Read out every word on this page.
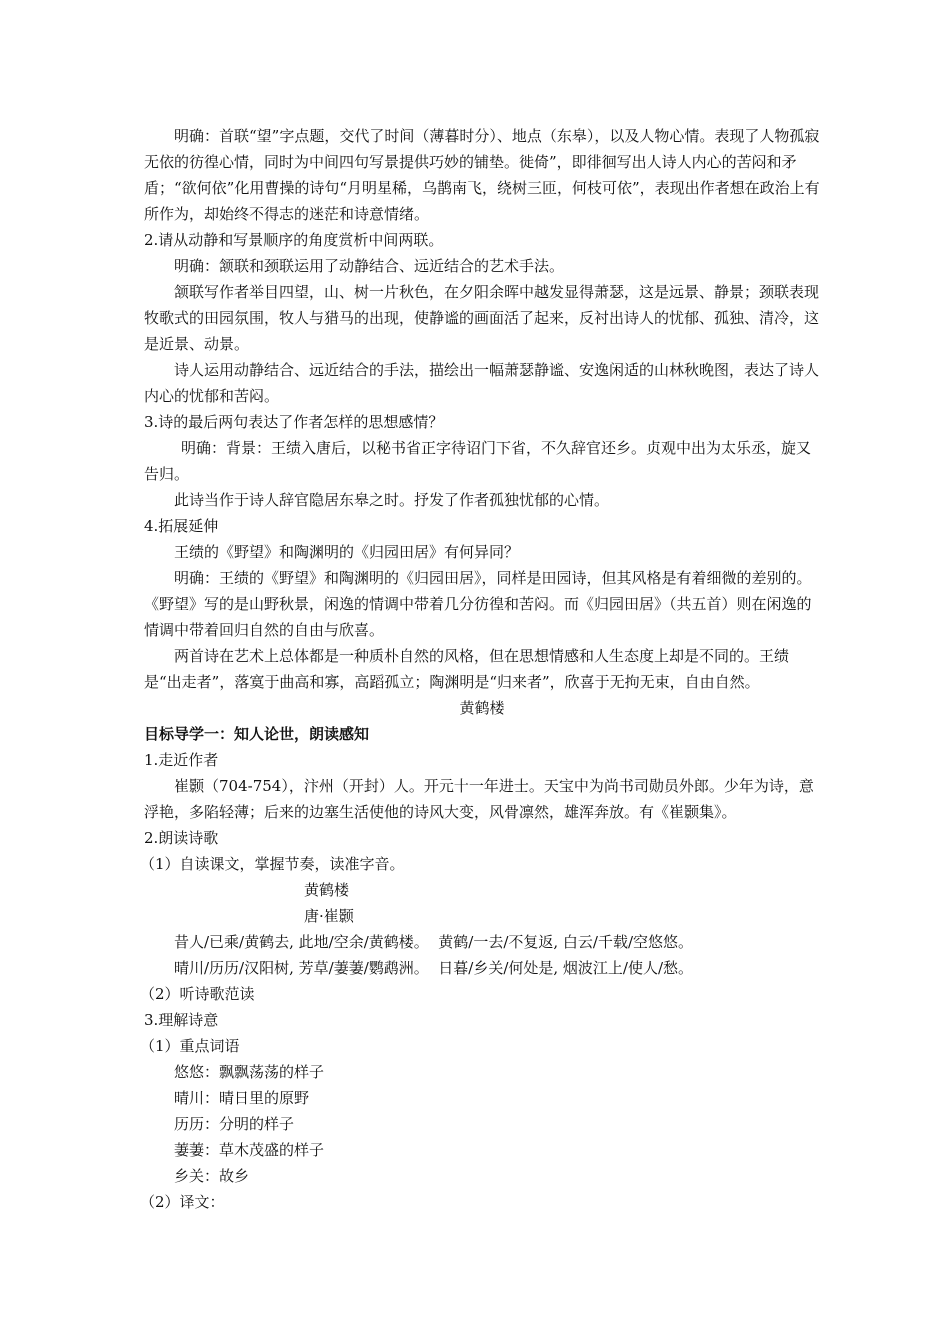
明确：首联“望”字点题，交代了时间（薄暮时分）、地点（东皋），以及人物心情。表现了人物孤寂无依的彷徨心情，同时为中间四句写景提供巧妙的铺垫。徙倚”，即徘徊写出人诗人内心的苦闷和矛盾；“欲何依”化用曹操的诗句“月明星稀，乌鹊南飞，绕树三匝，何枝可依”，表现出作者想在政治上有所作为，却始终不得志的迷茫和诗意情绪。

2.请从动静和写景顺序的角度赏析中间两联。

明确：颔联和颈联运用了动静结合、远近结合的艺术手法。

颔联写作者举目四望，山、树一片秋色，在夕阳余晖中越发显得萧瑟，这是远景、静景；颈联表现牧歌式的田园氛围，牧人与猎马的出现，使静谧的画面活了起来，反衬出诗人的忧郁、孤独、清冷，这是近景、动景。

诗人运用动静结合、远近结合的手法，描绘出一幅萧瑟静谧、安逸闲适的山林秋晚图，表达了诗人内心的忧郁和苦闷。

3.诗的最后两句表达了作者怎样的思想感情？

明确：背景：王绩入唐后，以秘书省正字待诏门下省，不久辞官还乡。贞观中出为太乐丞，旋又告归。

此诗当作于诗人辞官隐居东皋之时。抒发了作者孤独忧郁的心情。

4.拓展延伸

王绩的《野望》和陶渊明的《归园田居》有何异同？

明确：王绩的《野望》和陶渊明的《归园田居》，同样是田园诗，但其风格是有着细微的差别的。《野望》写的是山野秋景，闲逸的情调中带着几分彷徨和苦闷。而《归园田居》（共五首）则在闲逸的情调中带着回归自然的自由与欣喜。

两首诗在艺术上总体都是一种质朴自然的风格，但在思想情感和人生态度上却是不同的。王绩是“出走者”，落寞于曲高和寡，高蹈孤立；陶渊明是“归来者”，欣喜于无拘无束，自由自然。

黄鹤楼

目标导学一：知人论世，朗读感知

1.走近作者

崔颢（704-754），汴州（开封）人。开元十一年进士。天宝中为尚书司勋员外郎。少年为诗，意浮艳，多陷轻薄；后来的边塞生活使他的诗风大变，风骨凛然，雄浑奔放。有《崔颢集》。

2.朗读诗歌

（1）自读课文，掌握节奏，读准字音。

黄鹤楼

唐·崔颢

昔人/已乘/黄鹤去, 此地/空余/黄鹤楼。  黄鹤/一去/不复返, 白云/千载/空悠悠。

晴川/历历/汉阳树, 芳草/萋萋/鹦鹉洲。  日暮/乡关/何处是, 烟波江上/使人/愁。

（2）听诗歌范读

3.理解诗意

（1）重点词语

悠悠：飘飘荡荡的样子

晴川：晴日里的原野

历历：分明的样子

萋萋：草木茂盛的样子

乡关：故乡

（2）译文：
